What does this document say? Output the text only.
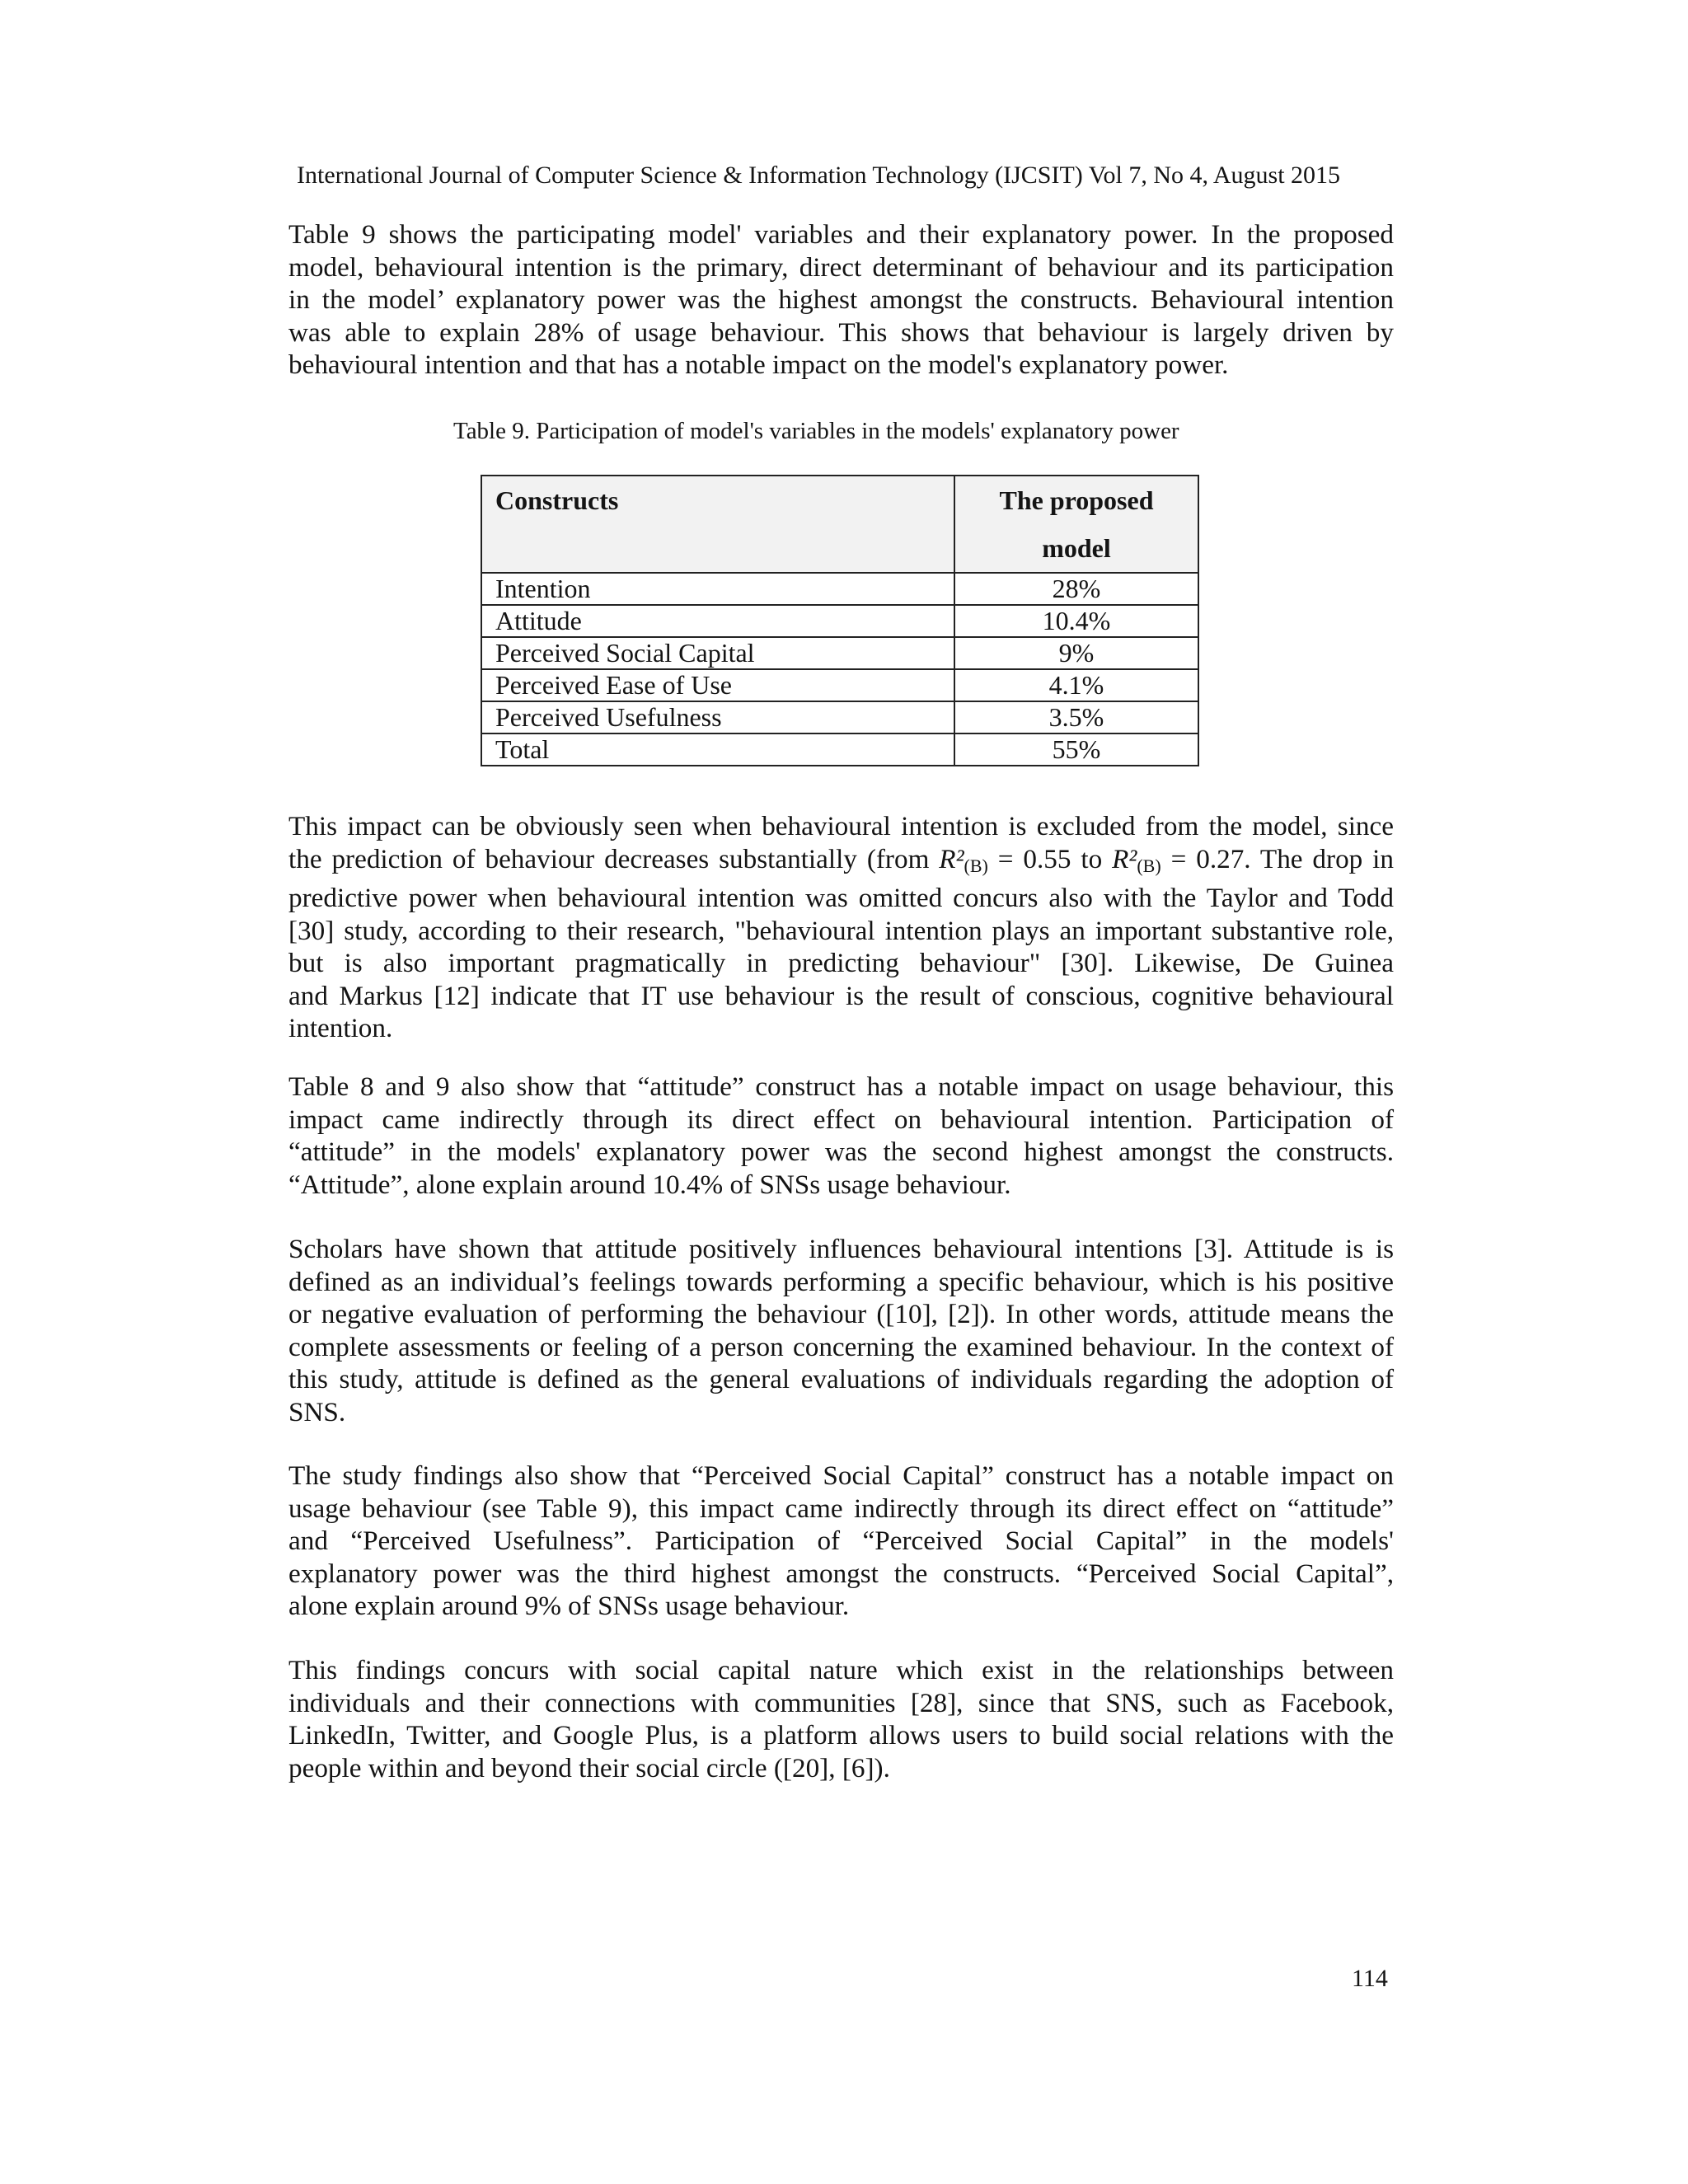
International Journal of Computer Science & Information Technology (IJCSIT) Vol 7, No 4, August 2015

Table 9 shows the participating model' variables and their explanatory power. In the proposed
model, behavioural intention is the primary, direct determinant of behaviour and its participation
in the model’ explanatory power was the highest amongst the constructs. Behavioural intention
was able to explain 28% of usage behaviour. This shows that behaviour is largely driven by
behavioural intention and that has a notable impact on the model's explanatory power.

Table 9. Participation of model's variables in the models' explanatory power
Constructs	The proposed
model
Intention	28%
Attitude	10.4%
Perceived Social Capital	9%
Perceived Ease of Use	4.1%
Perceived Usefulness	3.5%
Total	55%

This impact can be obviously seen when behavioural intention is excluded from the model, since
the prediction of behaviour decreases substantially (from $R^2_{(B)} = 0.55$ to $R^2_{(B)} = 0.27$. The drop in
predictive power when behavioural intention was omitted concurs also with the Taylor and Todd
[30] study, according to their research, "behavioural intention plays an important substantive role,
but is also important pragmatically in predicting behaviour" [30]. Likewise, De Guinea
and Markus [12] indicate that IT use behaviour is the result of conscious, cognitive behavioural
intention.

Table 8 and 9 also show that “attitude” construct has a notable impact on usage behaviour, this
impact came indirectly through its direct effect on behavioural intention. Participation of
“attitude” in the models' explanatory power was the second highest amongst the constructs.
“Attitude”, alone explain around 10.4% of SNSs usage behaviour.

Scholars have shown that attitude positively influences behavioural intentions [3]. Attitude is is
defined as an individual’s feelings towards performing a specific behaviour, which is his positive
or negative evaluation of performing the behaviour ([10], [2]). In other words, attitude means the
complete assessments or feeling of a person concerning the examined behaviour. In the context of
this study, attitude is defined as the general evaluations of individuals regarding the adoption of
SNS.

The study findings also show that “Perceived Social Capital” construct has a notable impact on
usage behaviour (see Table 9), this impact came indirectly through its direct effect on “attitude”
and “Perceived Usefulness”. Participation of “Perceived Social Capital” in the models'
explanatory power was the third highest amongst the constructs. “Perceived Social Capital”,
alone explain around 9% of SNSs usage behaviour.

This findings concurs with social capital nature which exist in the relationships between
individuals and their connections with communities [28], since that SNS, such as Facebook,
LinkedIn, Twitter, and Google Plus, is a platform allows users to build social relations with the
people within and beyond their social circle ([20], [6]).

114
